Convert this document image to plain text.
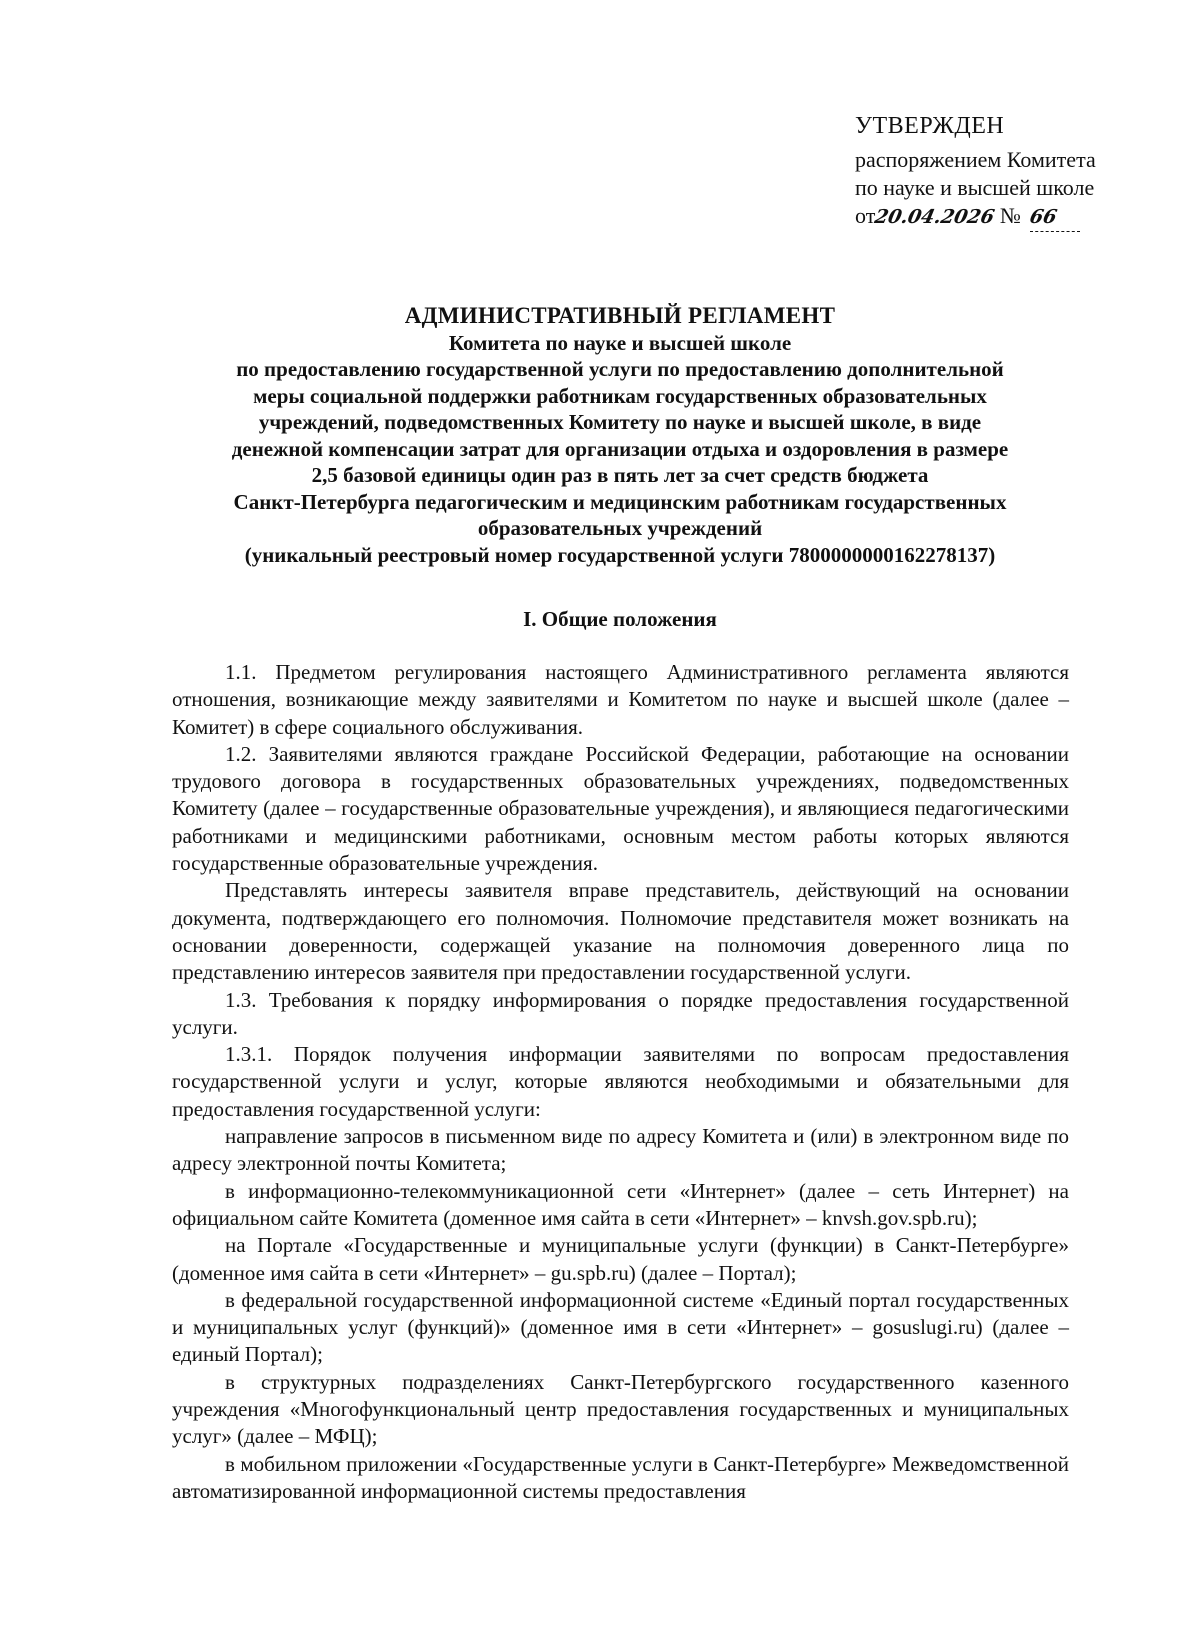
УТВЕРЖДЕН
распоряжением Комитета
по науке и высшей школе
от20.04.2026 № 66
АДМИНИСТРАТИВНЫЙ РЕГЛАМЕНТ
Комитета по науке и высшей школе
по предоставлению государственной услуги по предоставлению дополнительной
меры социальной поддержки работникам государственных образовательных
учреждений, подведомственных Комитету по науке и высшей школе, в виде
денежной компенсации затрат для организации отдыха и оздоровления в размере
2,5 базовой единицы один раз в пять лет за счет средств бюджета
Санкт-Петербурга педагогическим и медицинским работникам государственных
образовательных учреждений
(уникальный реестровый номер государственной услуги 7800000000162278137)
I. Общие положения

1.1. Предметом регулирования настоящего Административного регламента являются отношения, возникающие между заявителями и Комитетом по науке и высшей школе (далее – Комитет) в сфере социального обслуживания.

1.2. Заявителями являются граждане Российской Федерации, работающие на основании трудового договора в государственных образовательных учреждениях, подведомственных Комитету (далее – государственные образовательные учреждения), и являющиеся педагогическими работниками и медицинскими работниками, основным местом работы которых являются государственные образовательные учреждения.

Представлять интересы заявителя вправе представитель, действующий на основании документа, подтверждающего его полномочия. Полномочие представителя может возникать на основании доверенности, содержащей указание на полномочия доверенного лица по представлению интересов заявителя при предоставлении государственной услуги.

1.3. Требования к порядку информирования о порядке предоставления государственной услуги.

1.3.1. Порядок получения информации заявителями по вопросам предоставления государственной услуги и услуг, которые являются необходимыми и обязательными для предоставления государственной услуги:

направление запросов в письменном виде по адресу Комитета и (или) в электронном виде по адресу электронной почты Комитета;

в информационно-телекоммуникационной сети «Интернет» (далее – сеть Интернет) на официальном сайте Комитета (доменное имя сайта в сети «Интернет» – knvsh.gov.spb.ru);

на Портале «Государственные и муниципальные услуги (функции) в Санкт-Петербурге» (доменное имя сайта в сети «Интернет» – gu.spb.ru) (далее – Портал);

в федеральной государственной информационной системе «Единый портал государственных и муниципальных услуг (функций)» (доменное имя в сети «Интернет» – gosuslugi.ru) (далее – единый Портал);

в структурных подразделениях Санкт-Петербургского государственного казенного учреждения «Многофункциональный центр предоставления государственных и муниципальных услуг» (далее – МФЦ);

в мобильном приложении «Государственные услуги в Санкт-Петербурге» Межведомственной автоматизированной информационной системы предоставления
